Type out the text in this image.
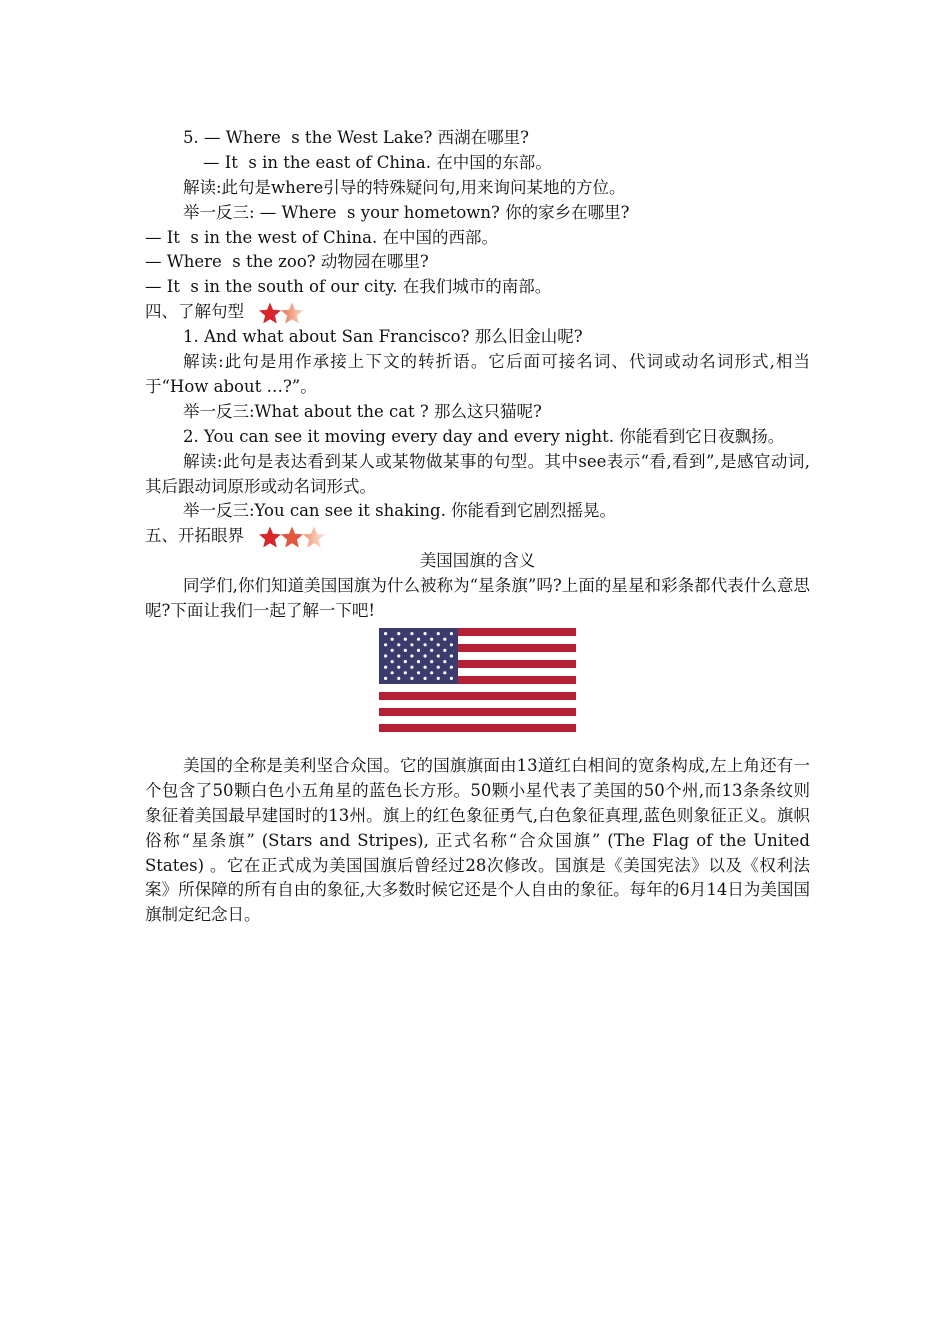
5. — Where  s the West Lake? 西湖在哪里?
— It  s in the east of China. 在中国的东部。
解读:此句是where引导的特殊疑问句,用来询问某地的方位。
举一反三: — Where  s your hometown? 你的家乡在哪里?
— It  s in the west of China. 在中国的西部。
— Where  s the zoo? 动物园在哪里?
— It  s in the south of our city. 在我们城市的南部。
四、了解句型
1. And what about San Francisco? 那么旧金山呢?
解读:此句是用作承接上下文的转折语。它后面可接名词、代词或动名词形式,相当于“How about …?”。
举一反三:What about the cat ? 那么这只猫呢?
2. You can see it moving every day and every night. 你能看到它日夜飘扬。
解读:此句是表达看到某人或某物做某事的句型。其中see表示“看,看到”,是感官动词,其后跟动词原形或动名词形式。
举一反三:You can see it shaking. 你能看到它剧烈摇晃。
五、开拓眼界
美国国旗的含义
同学们,你们知道美国国旗为什么被称为“星条旗”吗?上面的星星和彩条都代表什么意思呢?下面让我们一起了解一下吧!
美国的全称是美利坚合众国。它的国旗旗面由13道红白相间的宽条构成,左上角还有一个包含了50颗白色小五角星的蓝色长方形。50颗小星代表了美国的50个州,而13条条纹则象征着美国最早建国时的13州。旗上的红色象征勇气,白色象征真理,蓝色则象征正义。旗帜俗称“星条旗” (Stars and Stripes), 正式名称“合众国旗” (The Flag of the United States) 。它在正式成为美国国旗后曾经过28次修改。国旗是《美国宪法》以及《权利法案》所保障的所有自由的象征,大多数时候它还是个人自由的象征。每年的6月14日为美国国旗制定纪念日。
